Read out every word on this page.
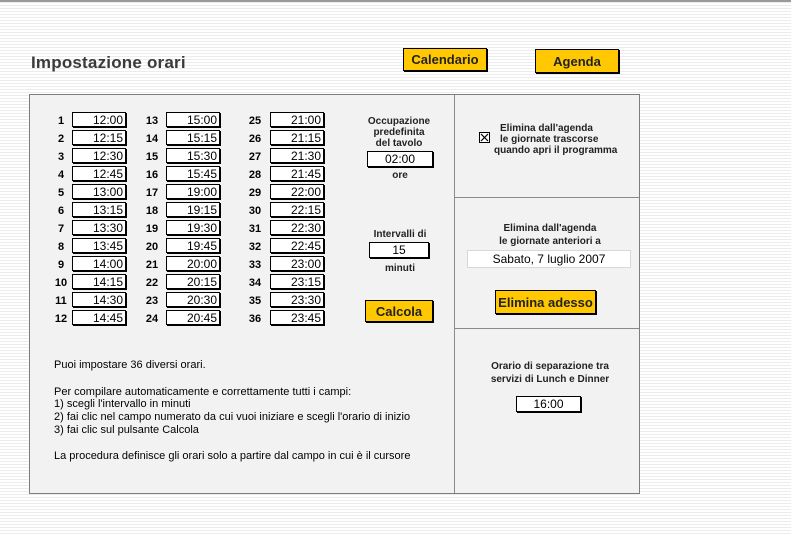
Impostazione orari	Calendario	Agenda
1	12:00
2	12:15
3	12:30
4	12:45
5	13:00
6	13:15
7	13:30
8	13:45
9	14:00
10	14:15
11	14:30
12	14:45
13	15:00
14	15:15
15	15:30
16	15:45
17	19:00
18	19:15
19	19:30
20	19:45
21	20:00
22	20:15
23	20:30
24	20:45
25	21:00
26	21:15
27	21:30
28	21:45
29	22:00
30	22:15
31	22:30
32	22:45
33	23:00
34	23:15
35	23:30
36	23:45
Occupazione
predefinita
del tavolo
02:00
ore
Intervalli di
15
minuti
Calcola
Puoi impostare 36 diversi orari.
Per compilare automaticamente e correttamente tutti i campi:
1) scegli l'intervallo in minuti
2) fai clic nel campo numerato da cui vuoi iniziare e scegli l'orario di inizio
3) fai clic sul pulsante Calcola
La procedura definisce gli orari solo a partire dal campo in cui è il cursore
Elimina dall'agenda
le giornate trascorse
quando apri il programma
Elimina dall'agenda
le giornate anteriori a
Sabato, 7 luglio 2007
Elimina adesso
Orario di separazione tra
servizi di Lunch e Dinner
16:00
